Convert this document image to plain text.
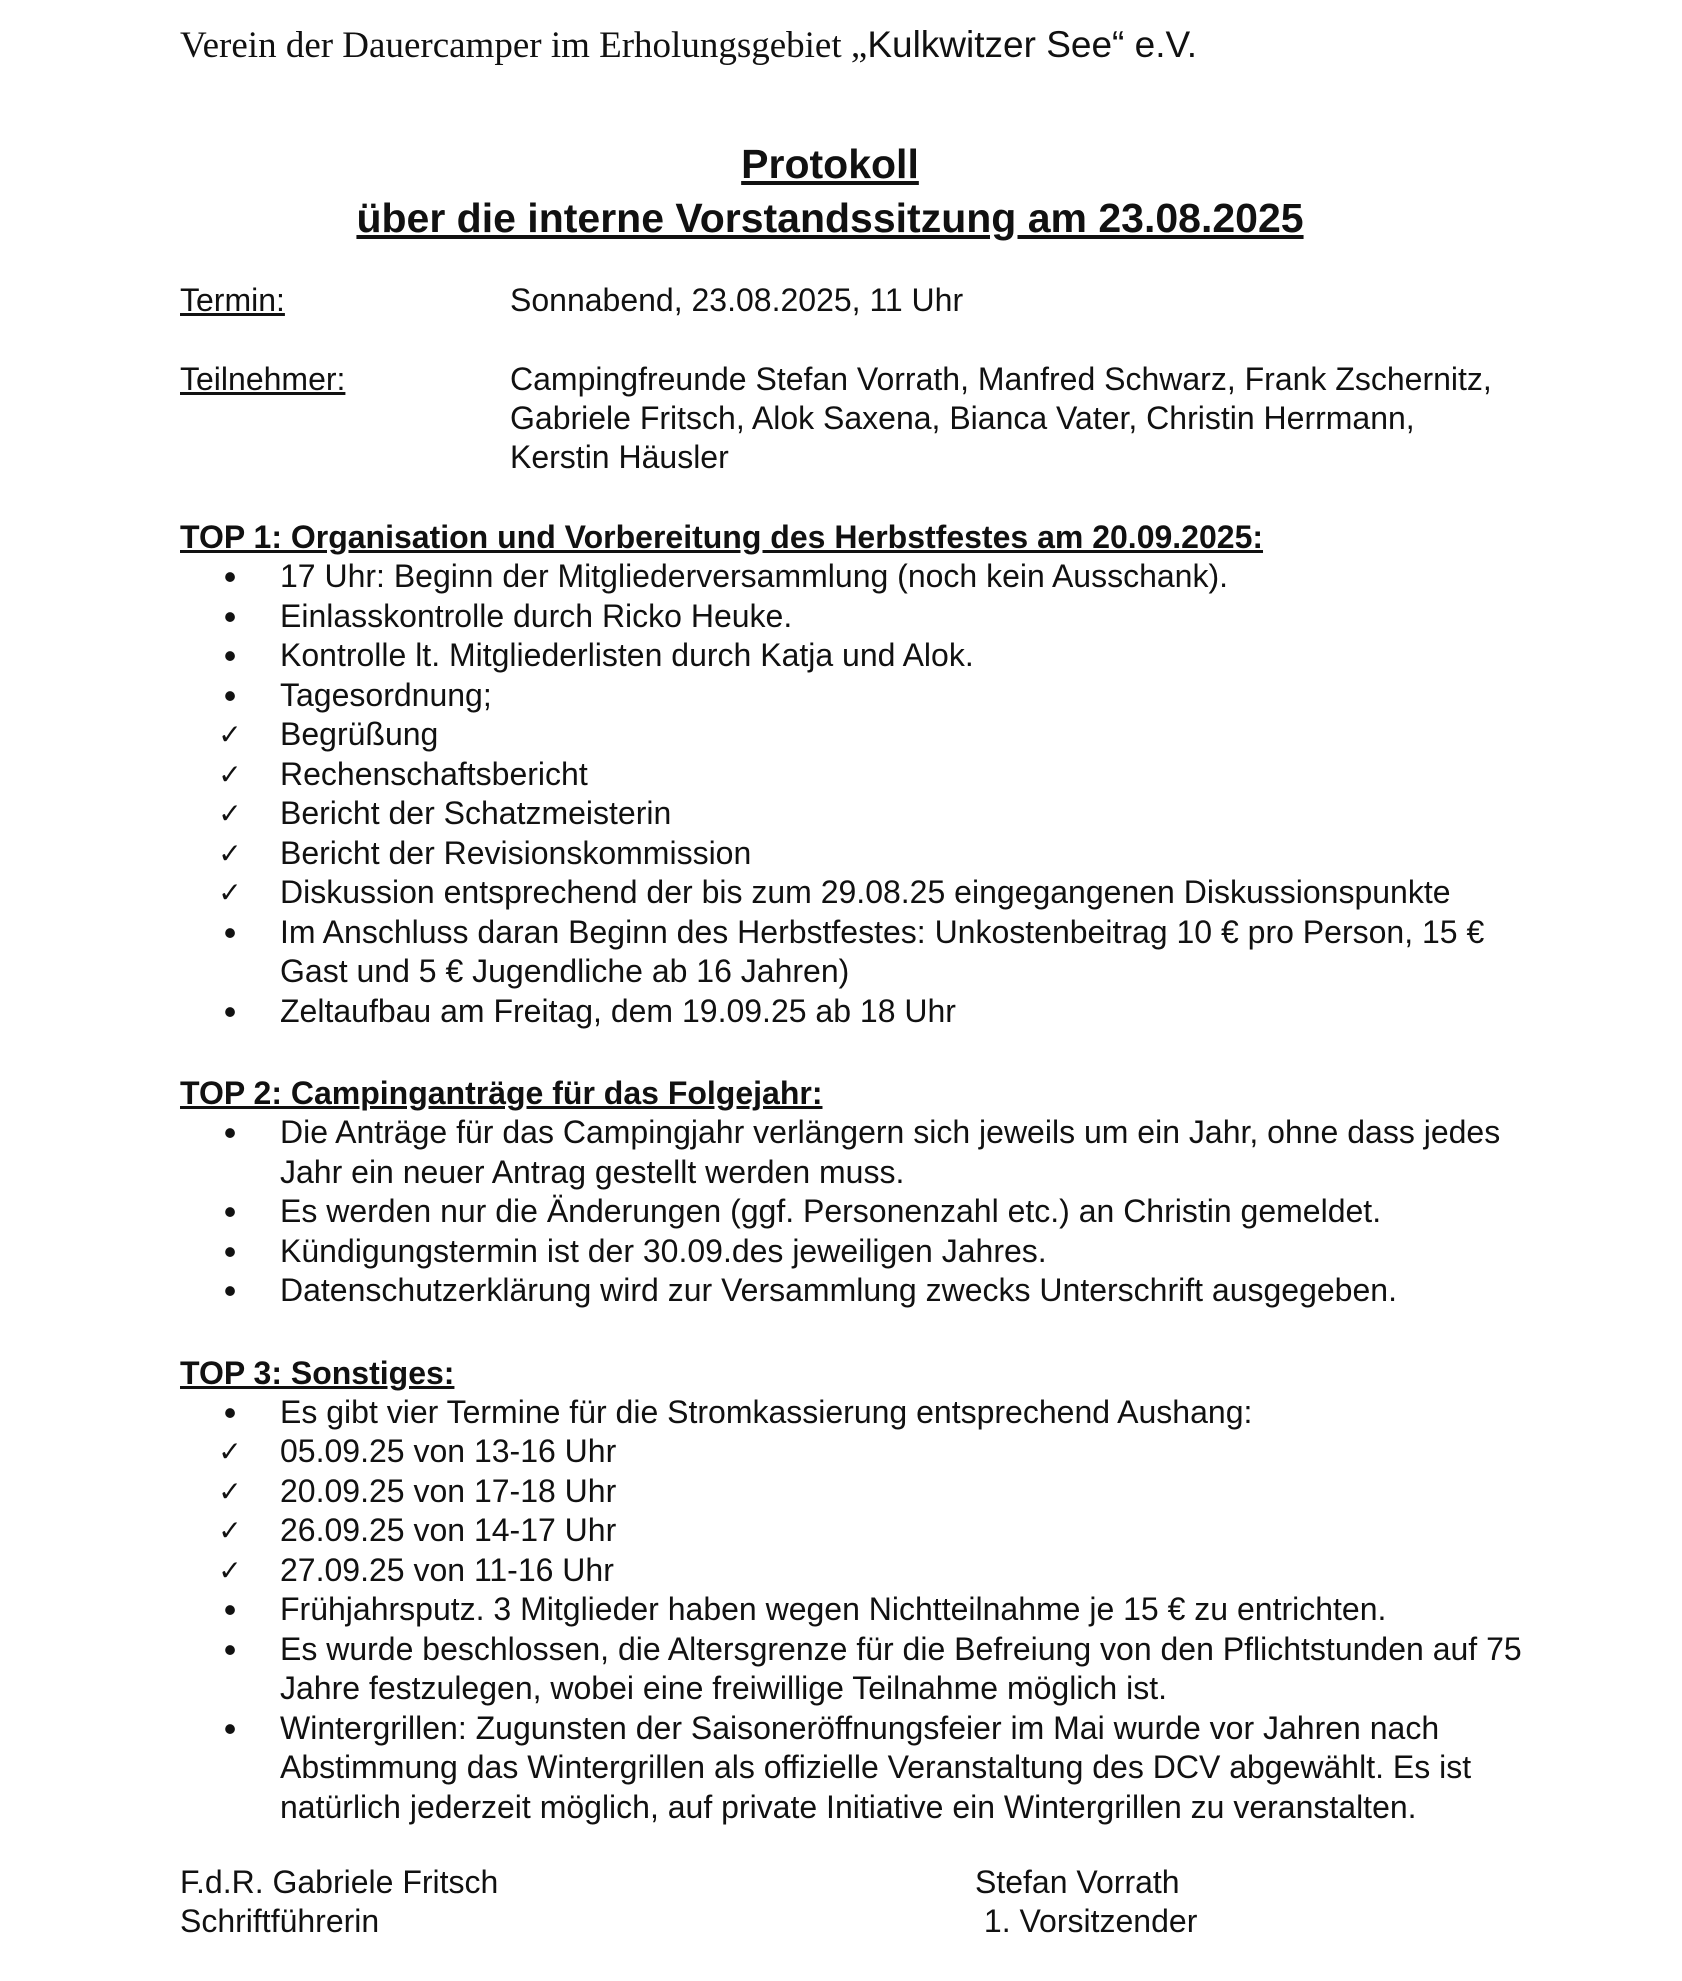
Verein der Dauercamper im Erholungsgebiet „Kulkwitzer See“ e.V.

Protokoll
über die interne Vorstandssitzung am 23.08.2025
Termin:	Sonnabend, 23.08.2025, 11 Uhr
Teilnehmer:	Campingfreunde Stefan Vorrath, Manfred Schwarz, Frank Zschernitz, Gabriele Fritsch, Alok Saxena, Bianca Vater, Christin Herrmann, Kerstin Häusler
TOP 1: Organisation und Vorbereitung des Herbstfestes am 20.09.2025:
•	17 Uhr: Beginn der Mitgliederversammlung (noch kein Ausschank).
•	Einlasskontrolle durch Ricko Heuke.
•	Kontrolle lt. Mitgliederlisten durch Katja und Alok.
•	Tagesordnung;
✓	Begrüßung
✓	Rechenschaftsbericht
✓	Bericht der Schatzmeisterin
✓	Bericht der Revisionskommission
✓	Diskussion entsprechend der bis zum 29.08.25 eingegangenen Diskussionspunkte
•	Im Anschluss daran Beginn des Herbstfestes: Unkostenbeitrag 10 € pro Person, 15 € Gast und 5 € Jugendliche ab 16 Jahren)
•	Zeltaufbau am Freitag, dem 19.09.25 ab 18 Uhr
TOP 2: Campinganträge für das Folgejahr:
•	Die Anträge für das Campingjahr verlängern sich jeweils um ein Jahr, ohne dass jedes Jahr ein neuer Antrag gestellt werden muss.
•	Es werden nur die Änderungen (ggf. Personenzahl etc.) an Christin gemeldet.
•	Kündigungstermin ist der 30.09.des jeweiligen Jahres.
•	Datenschutzerklärung wird zur Versammlung zwecks Unterschrift ausgegeben.
TOP 3: Sonstiges:
•	Es gibt vier Termine für die Stromkassierung entsprechend Aushang:
✓	05.09.25 von 13-16 Uhr
✓	20.09.25 von 17-18 Uhr
✓	26.09.25 von 14-17 Uhr
✓	27.09.25 von 11-16 Uhr
•	Frühjahrsputz. 3 Mitglieder haben wegen Nichtteilnahme je 15 € zu entrichten.
•	Es wurde beschlossen, die Altersgrenze für die Befreiung von den Pflichtstunden auf 75 Jahre festzulegen, wobei eine freiwillige Teilnahme möglich ist.
•	Wintergrillen: Zugunsten der Saisoneröffnungsfeier im Mai wurde vor Jahren nach Abstimmung das Wintergrillen als offizielle Veranstaltung des DCV abgewählt. Es ist natürlich jederzeit möglich, auf private Initiative ein Wintergrillen zu veranstalten.
F.d.R. Gabriele Fritsch
Schriftführerin
Stefan Vorrath
1. Vorsitzender
